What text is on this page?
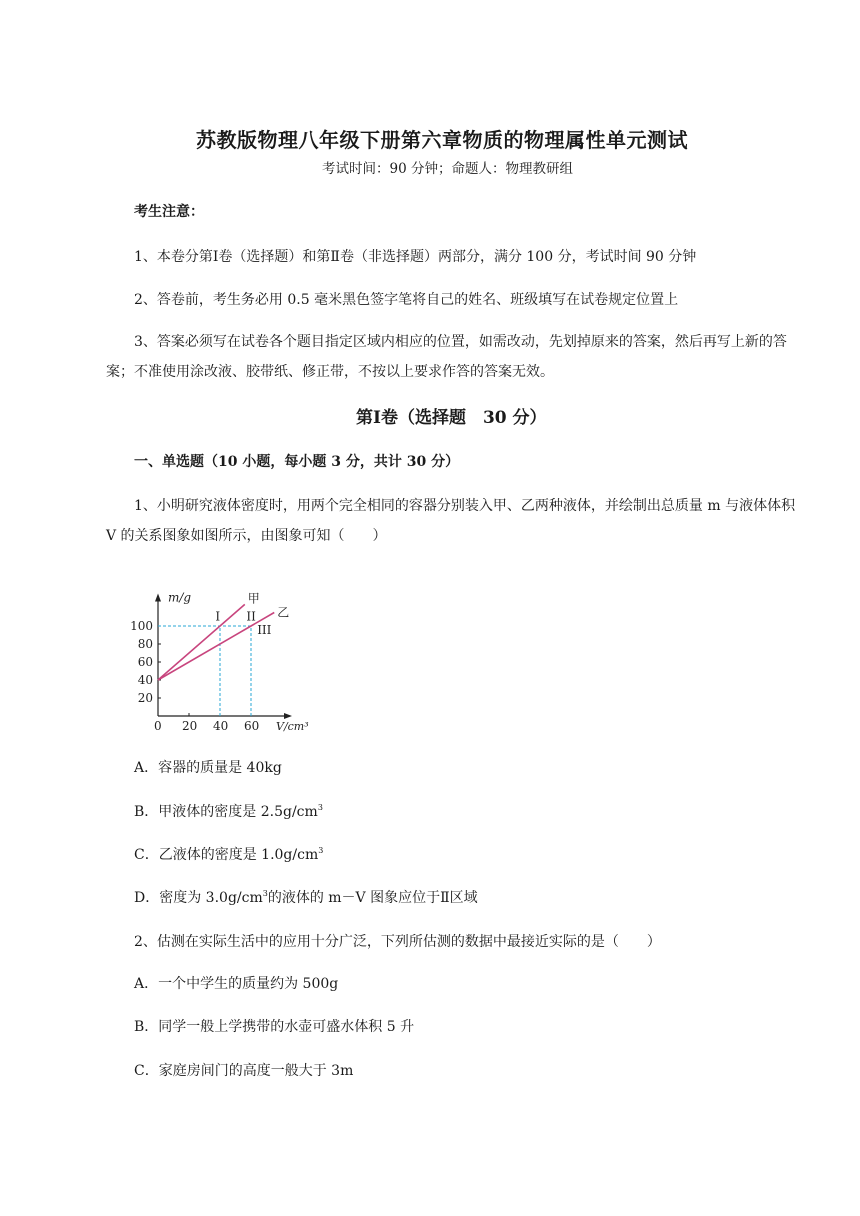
苏教版物理八年级下册第六章物质的物理属性单元测试
考试时间：90 分钟；命题人：物理教研组
考生注意：
1、本卷分第Ⅰ卷（选择题）和第Ⅱ卷（非选择题）两部分，满分 100 分，考试时间 90 分钟
2、答卷前，考生务必用 0.5 毫米黑色签字笔将自己的姓名、班级填写在试卷规定位置上
3、答案必须写在试卷各个题目指定区域内相应的位置，如需改动，先划掉原来的答案，然后再写上新的答案；不准使用涂改液、胶带纸、修正带，不按以上要求作答的答案无效。
第Ⅰ卷（选择题　30 分）
一、单选题（10 小题，每小题 3 分，共计 30 分）
1、小明研究液体密度时，用两个完全相同的容器分别装入甲、乙两种液体，并绘制出总质量 m 与液体体积 V 的关系图象如图所示，由图象可知（　　）
m/g
V/cm³
0 20 40 60
20
40
60
80
100
甲
乙
I II
III
A．容器的质量是 40kg
B．甲液体的密度是 $2.5g/cm^3$
C．乙液体的密度是 $1.0g/cm^3$
D．密度为 $3.0g/cm^3$的液体的 m－V 图象应位于Ⅱ区域
2、估测在实际生活中的应用十分广泛，下列所估测的数据中最接近实际的是（　　）
A．一个中学生的质量约为 500g
B．同学一般上学携带的水壶可盛水体积 5 升
C．家庭房间门的高度一般大于 3m
